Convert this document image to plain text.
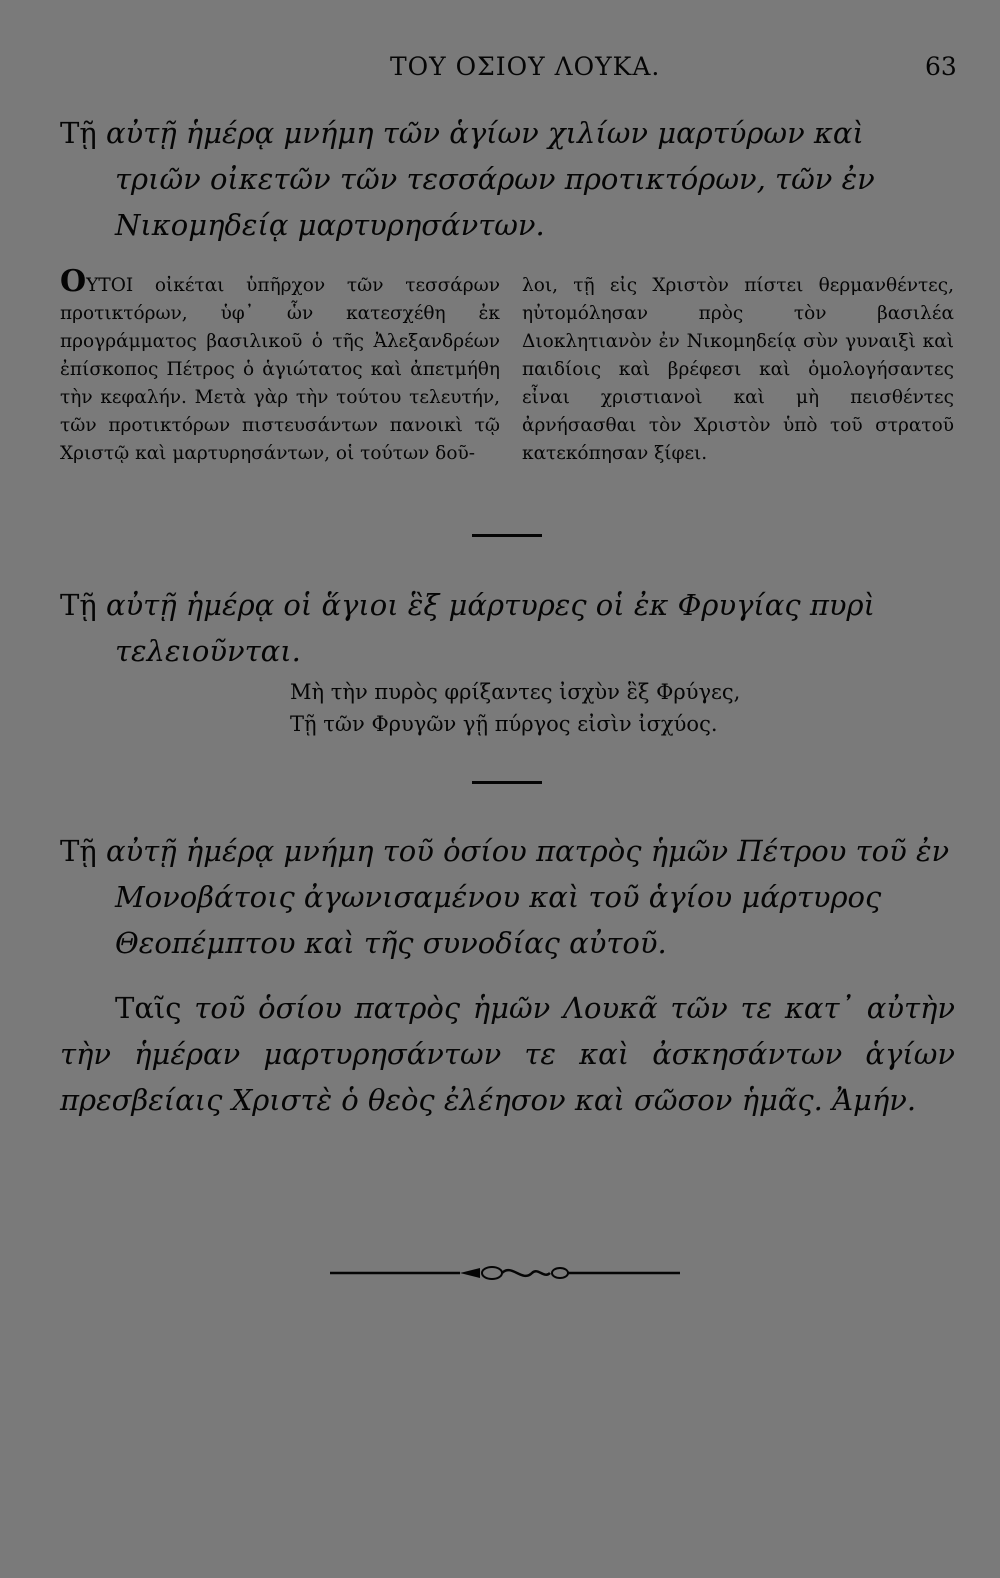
ΤΟΥ ΟΣΙΟΥ ΛΟΥΚΑ.	63
Τῇ αὐτῇ ἡμέρᾳ μνήμη τῶν ἁγίων χιλίων μαρτύρων καὶ τριῶν οἰκετῶν τῶν τεσσάρων προτικτόρων, τῶν ἐν Νικομηδείᾳ μαρτυρησάντων.
ΟΥΤΟΙ οἰκέται ὑπῆρχον τῶν τεσσάρων προτικτόρων, ὑφ᾽ ὧν κατεσχέθη ἐκ προγράμματος βασιλικοῦ ὁ τῆς Ἀλεξανδρέων ἐπίσκοπος Πέτρος ὁ ἁγιώτατος καὶ ἀπετμήθη τὴν κεφαλήν. Μετὰ γὰρ τὴν τούτου τελευτήν, τῶν προτικτόρων πιστευσάντων πανοικὶ τῷ Χριστῷ καὶ μαρτυρησάντων, οἱ τούτων δοῦ-
λοι, τῇ εἰς Χριστὸν πίστει θερμανθέντες, ηὐτομόλησαν πρὸς τὸν βασιλέα Διοκλητιανὸν ἐν Νικομηδείᾳ σὺν γυναιξὶ καὶ παιδίοις καὶ βρέφεσι καὶ ὁμολογήσαντες εἶναι χριστιανοὶ καὶ μὴ πεισθέντες ἀρνήσασθαι τὸν Χριστὸν ὑπὸ τοῦ στρατοῦ κατεκόπησαν ξίφει.
Τῇ αὐτῇ ἡμέρᾳ οἱ ἅγιοι ἓξ μάρτυρες οἱ ἐκ Φρυγίας πυρὶ τελειοῦνται.
Μὴ τὴν πυρὸς φρίξαντες ἰσχὺν ἓξ Φρύγες,
Τῇ τῶν Φρυγῶν γῇ πύργος εἰσὶν ἰσχύος.
Τῇ αὐτῇ ἡμέρᾳ μνήμη τοῦ ὁσίου πατρὸς ἡμῶν Πέτρου τοῦ ἐν Μονοβάτοις ἀγωνισαμένου καὶ τοῦ ἁγίου μάρτυρος Θεοπέμπτου καὶ τῆς συνοδίας αὐτοῦ.
Ταῖς τοῦ ὁσίου πατρὸς ἡμῶν Λουκᾶ τῶν τε κατ᾽ αὐτὴν τὴν ἡμέραν μαρτυρησάντων τε καὶ ἀσκησάντων ἁγίων πρεσβείαις Χριστὲ ὁ θεὸς ἐλέησον καὶ σῶσον ἡμᾶς. Ἀμήν.
